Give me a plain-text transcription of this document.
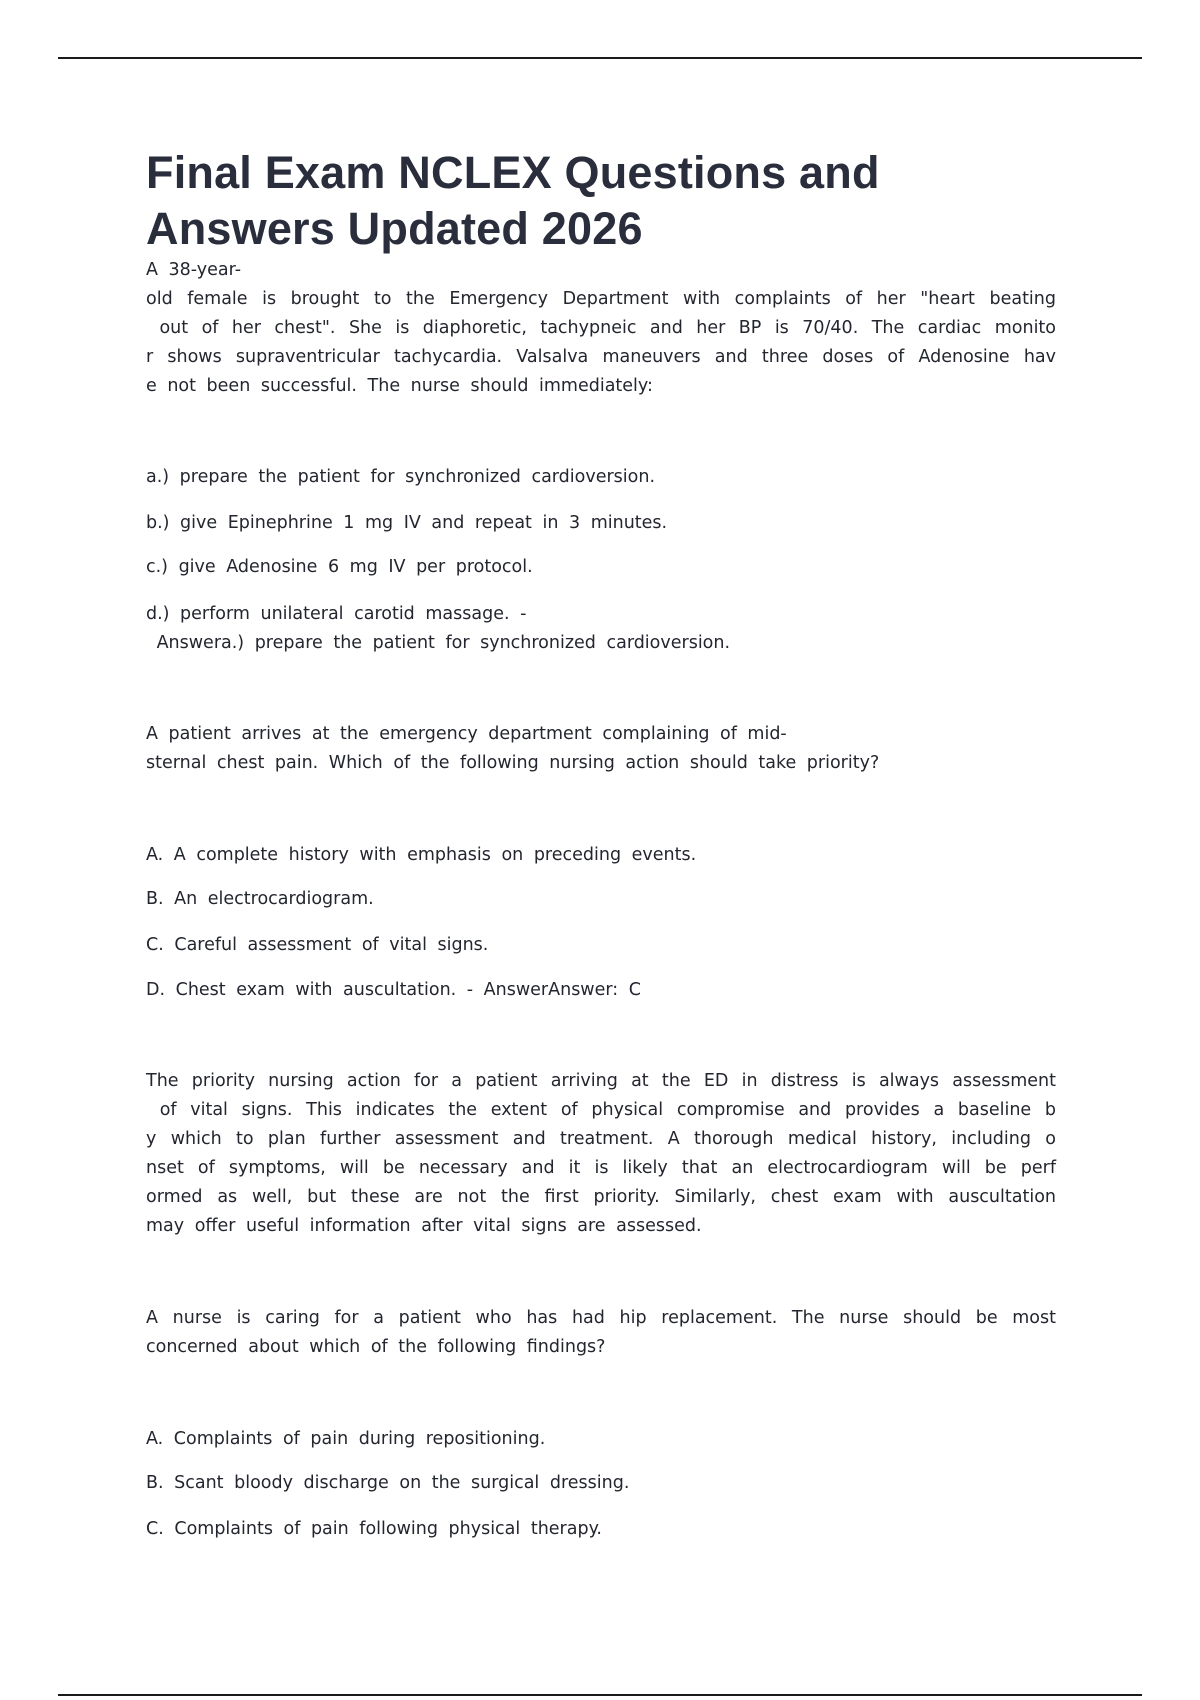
Final Exam NCLEX Questions and
Answers Updated 2026
A 38-year-
old female is brought to the Emergency Department with complaints of her "heart beating
out of her chest". She is diaphoretic, tachypneic and her BP is 70/40. The cardiac monito
r shows supraventricular tachycardia. Valsalva maneuvers and three doses of Adenosine hav
e not been successful. The nurse should immediately:
a.) prepare the patient for synchronized cardioversion.
b.) give Epinephrine 1 mg IV and repeat in 3 minutes.
c.) give Adenosine 6 mg IV per protocol.
d.) perform unilateral carotid massage. -
Answera.) prepare the patient for synchronized cardioversion.
A patient arrives at the emergency department complaining of mid-
sternal chest pain. Which of the following nursing action should take priority?
A. A complete history with emphasis on preceding events.
B. An electrocardiogram.
C. Careful assessment of vital signs.
D. Chest exam with auscultation. - AnswerAnswer: C
The priority nursing action for a patient arriving at the ED in distress is always assessment
of vital signs. This indicates the extent of physical compromise and provides a baseline b
y which to plan further assessment and treatment. A thorough medical history, including o
nset of symptoms, will be necessary and it is likely that an electrocardiogram will be perf
ormed as well, but these are not the first priority. Similarly, chest exam with auscultation
may offer useful information after vital signs are assessed.
A nurse is caring for a patient who has had hip replacement. The nurse should be most
concerned about which of the following findings?
A. Complaints of pain during repositioning.
B. Scant bloody discharge on the surgical dressing.
C. Complaints of pain following physical therapy.
